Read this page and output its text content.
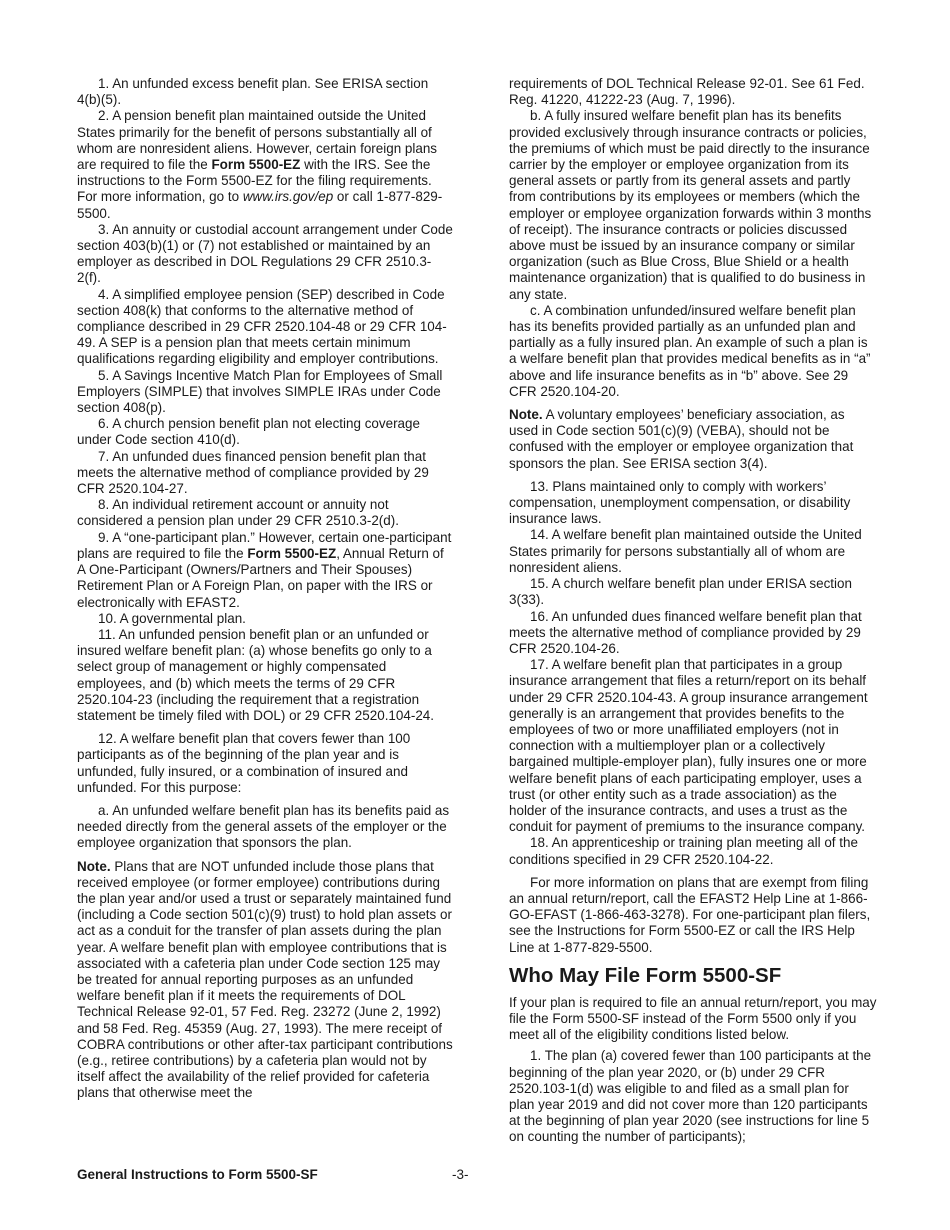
1. An unfunded excess benefit plan. See ERISA section 4(b)(5).

2. A pension benefit plan maintained outside the United States primarily for the benefit of persons substantially all of whom are nonresident aliens. However, certain foreign plans are required to file the Form 5500-EZ with the IRS. See the instructions to the Form 5500-EZ for the filing requirements. For more information, go to www.irs.gov/ep or call 1-877-829-5500.

3. An annuity or custodial account arrangement under Code section 403(b)(1) or (7) not established or maintained by an employer as described in DOL Regulations 29 CFR 2510.3-2(f).

4. A simplified employee pension (SEP) described in Code section 408(k) that conforms to the alternative method of compliance described in 29 CFR 2520.104-48 or 29 CFR 104-49. A SEP is a pension plan that meets certain minimum qualifications regarding eligibility and employer contributions.

5. A Savings Incentive Match Plan for Employees of Small Employers (SIMPLE) that involves SIMPLE IRAs under Code section 408(p).

6. A church pension benefit plan not electing coverage under Code section 410(d).

7. An unfunded dues financed pension benefit plan that meets the alternative method of compliance provided by 29 CFR 2520.104-27.

8. An individual retirement account or annuity not considered a pension plan under 29 CFR 2510.3-2(d).

9. A “one-participant plan.” However, certain one-participant plans are required to file the Form 5500-EZ, Annual Return of A One-Participant (Owners/Partners and Their Spouses) Retirement Plan or A Foreign Plan, on paper with the IRS or electronically with EFAST2.

10. A governmental plan.

11. An unfunded pension benefit plan or an unfunded or insured welfare benefit plan: (a) whose benefits go only to a select group of management or highly compensated employees, and (b) which meets the terms of 29 CFR 2520.104-23 (including the requirement that a registration statement be timely filed with DOL) or 29 CFR 2520.104-24.

12. A welfare benefit plan that covers fewer than 100 participants as of the beginning of the plan year and is unfunded, fully insured, or a combination of insured and unfunded. For this purpose:

a. An unfunded welfare benefit plan has its benefits paid as needed directly from the general assets of the employer or the employee organization that sponsors the plan.

Note. Plans that are NOT unfunded include those plans that received employee (or former employee) contributions during the plan year and/or used a trust or separately maintained fund (including a Code section 501(c)(9) trust) to hold plan assets or act as a conduit for the transfer of plan assets during the plan year. A welfare benefit plan with employee contributions that is associated with a cafeteria plan under Code section 125 may be treated for annual reporting purposes as an unfunded welfare benefit plan if it meets the requirements of DOL Technical Release 92-01, 57 Fed. Reg. 23272 (June 2, 1992) and 58 Fed. Reg. 45359 (Aug. 27, 1993). The mere receipt of COBRA contributions or other after-tax participant contributions (e.g., retiree contributions) by a cafeteria plan would not by itself affect the availability of the relief provided for cafeteria plans that otherwise meet the

requirements of DOL Technical Release 92-01. See 61 Fed. Reg. 41220, 41222-23 (Aug. 7, 1996).

b. A fully insured welfare benefit plan has its benefits provided exclusively through insurance contracts or policies, the premiums of which must be paid directly to the insurance carrier by the employer or employee organization from its general assets or partly from its general assets and partly from contributions by its employees or members (which the employer or employee organization forwards within 3 months of receipt). The insurance contracts or policies discussed above must be issued by an insurance company or similar organization (such as Blue Cross, Blue Shield or a health maintenance organization) that is qualified to do business in any state.

c. A combination unfunded/insured welfare benefit plan has its benefits provided partially as an unfunded plan and partially as a fully insured plan. An example of such a plan is a welfare benefit plan that provides medical benefits as in “a” above and life insurance benefits as in “b” above. See 29 CFR 2520.104-20.

Note. A voluntary employees’ beneficiary association, as used in Code section 501(c)(9) (VEBA), should not be confused with the employer or employee organization that sponsors the plan. See ERISA section 3(4).

13. Plans maintained only to comply with workers’ compensation, unemployment compensation, or disability insurance laws.

14. A welfare benefit plan maintained outside the United States primarily for persons substantially all of whom are nonresident aliens.

15. A church welfare benefit plan under ERISA section 3(33).

16. An unfunded dues financed welfare benefit plan that meets the alternative method of compliance provided by 29 CFR 2520.104-26.

17. A welfare benefit plan that participates in a group insurance arrangement that files a return/report on its behalf under 29 CFR 2520.104-43. A group insurance arrangement generally is an arrangement that provides benefits to the employees of two or more unaffiliated employers (not in connection with a multiemployer plan or a collectively bargained multiple-employer plan), fully insures one or more welfare benefit plans of each participating employer, uses a trust (or other entity such as a trade association) as the holder of the insurance contracts, and uses a trust as the conduit for payment of premiums to the insurance company.

18. An apprenticeship or training plan meeting all of the conditions specified in 29 CFR 2520.104-22.

For more information on plans that are exempt from filing an annual return/report, call the EFAST2 Help Line at 1-866-GO-EFAST (1-866-463-3278). For one-participant plan filers, see the Instructions for Form 5500-EZ or call the IRS Help Line at 1-877-829-5500.

Who May File Form 5500-SF

If your plan is required to file an annual return/report, you may file the Form 5500-SF instead of the Form 5500 only if you meet all of the eligibility conditions listed below.

1. The plan (a) covered fewer than 100 participants at the beginning of the plan year 2020, or (b) under 29 CFR 2520.103-1(d) was eligible to and filed as a small plan for plan year 2019 and did not cover more than 120 participants at the beginning of plan year 2020 (see instructions for line 5 on counting the number of participants);

General Instructions to Form 5500-SF	-3-
